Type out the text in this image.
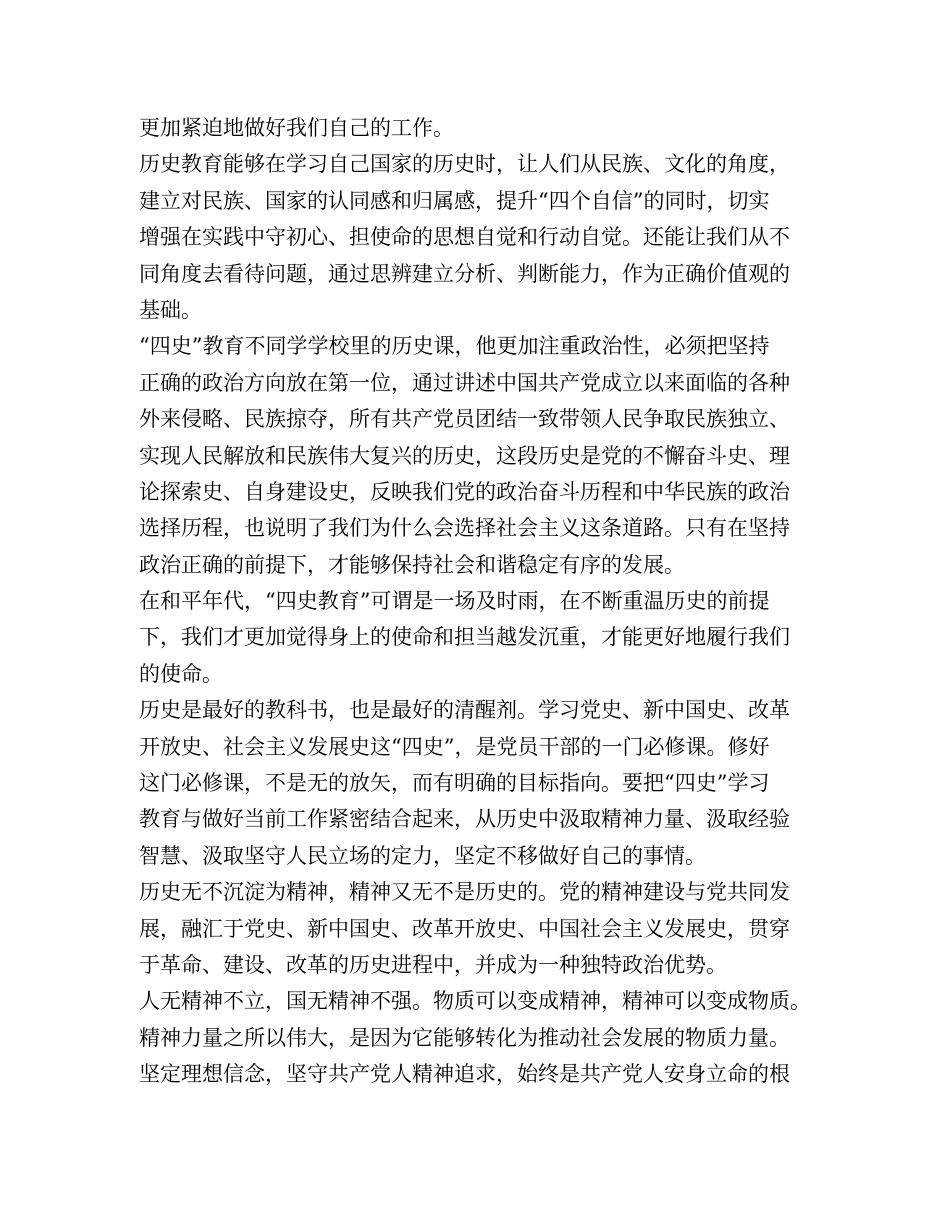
更加紧迫地做好我们自己的工作。
历史教育能够在学习自己国家的历史时，让人们从民族、文化的角度，
建立对民族、国家的认同感和归属感，提升“四个自信”的同时，切实
增强在实践中守初心、担使命的思想自觉和行动自觉。还能让我们从不
同角度去看待问题，通过思辨建立分析、判断能力，作为正确价值观的
基础。
“四史”教育不同学学校里的历史课，他更加注重政治性，必须把坚持
正确的政治方向放在第一位，通过讲述中国共产党成立以来面临的各种
外来侵略、民族掠夺，所有共产党员团结一致带领人民争取民族独立、
实现人民解放和民族伟大复兴的历史，这段历史是党的不懈奋斗史、理
论探索史、自身建设史，反映我们党的政治奋斗历程和中华民族的政治
选择历程，也说明了我们为什么会选择社会主义这条道路。只有在坚持
政治正确的前提下，才能够保持社会和谐稳定有序的发展。
在和平年代，“四史教育”可谓是一场及时雨，在不断重温历史的前提
下，我们才更加觉得身上的使命和担当越发沉重，才能更好地履行我们
的使命。
历史是最好的教科书，也是最好的清醒剂。学习党史、新中国史、改革
开放史、社会主义发展史这“四史”，是党员干部的一门必修课。修好
这门必修课，不是无的放矢，而有明确的目标指向。要把“四史”学习
教育与做好当前工作紧密结合起来，从历史中汲取精神力量、汲取经验
智慧、汲取坚守人民立场的定力，坚定不移做好自己的事情。
历史无不沉淀为精神，精神又无不是历史的。党的精神建设与党共同发
展，融汇于党史、新中国史、改革开放史、中国社会主义发展史，贯穿
于革命、建设、改革的历史进程中，并成为一种独特政治优势。
人无精神不立，国无精神不强。物质可以变成精神，精神可以变成物质。
精神力量之所以伟大，是因为它能够转化为推动社会发展的物质力量。
坚定理想信念，坚守共产党人精神追求，始终是共产党人安身立命的根
